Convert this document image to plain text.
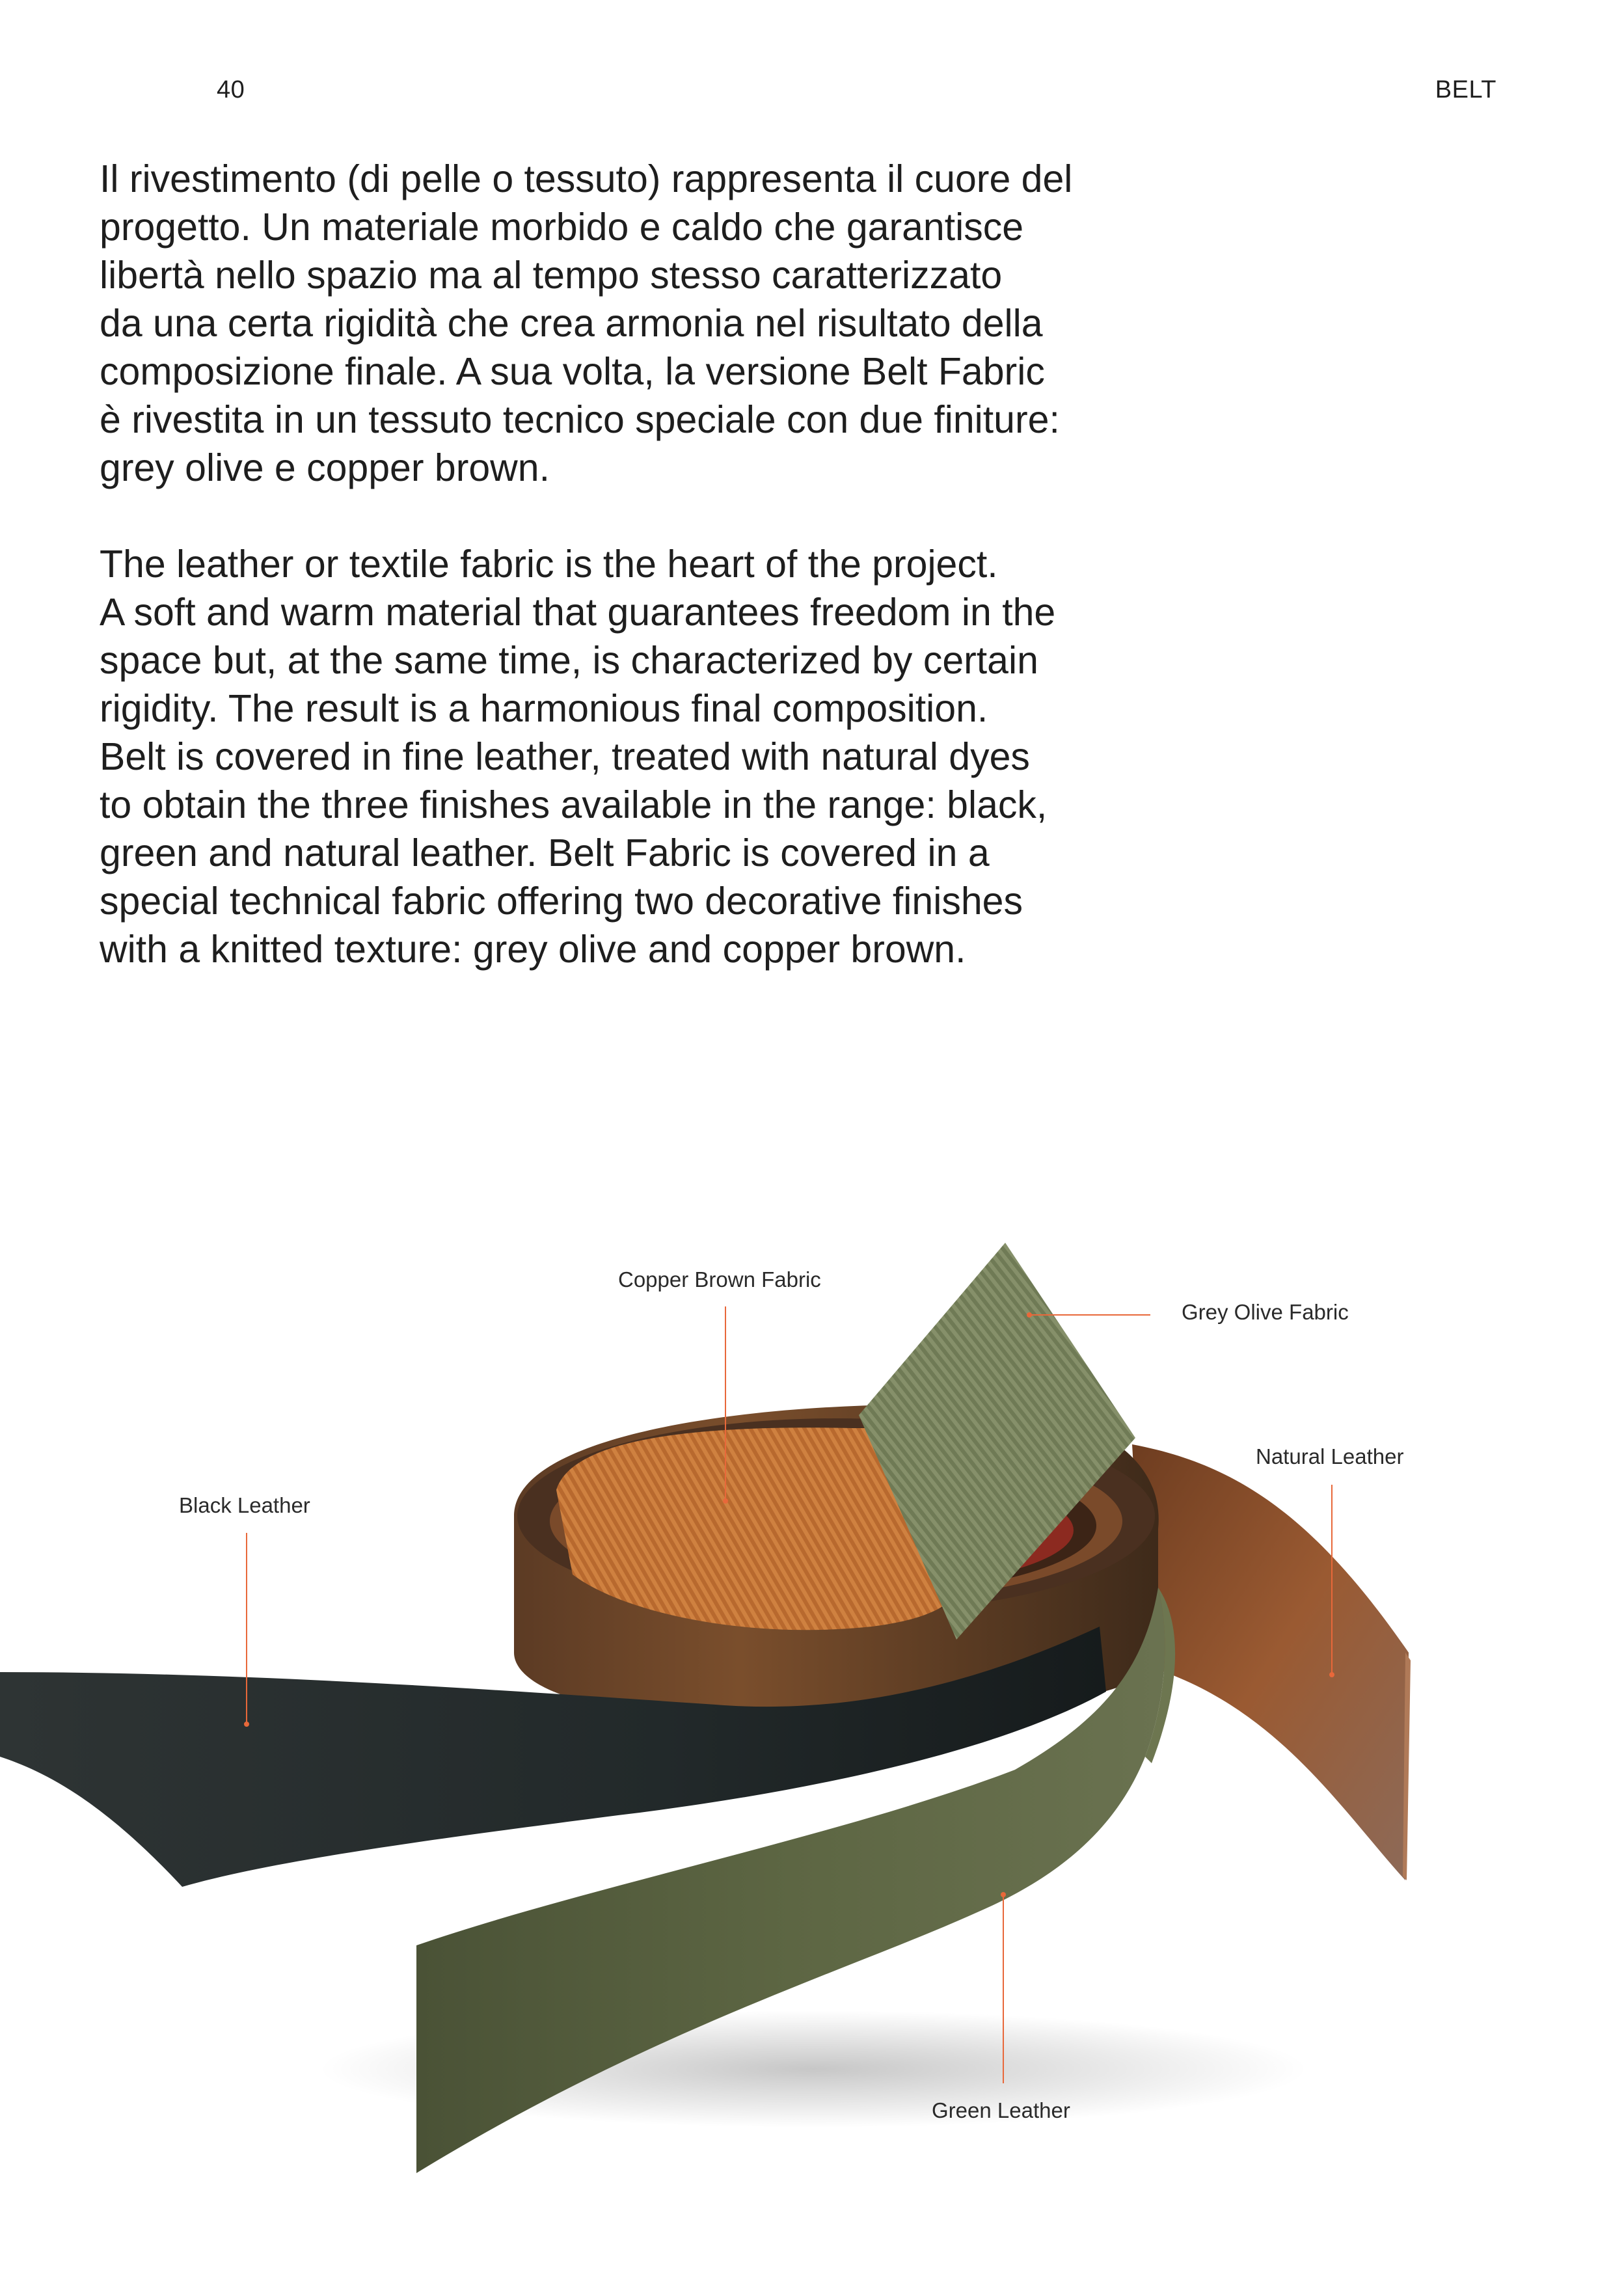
40	BELT

Il rivestimento (di pelle o tessuto) rappresenta il cuore del
progetto. Un materiale morbido e caldo che garantisce
libertà nello spazio ma al tempo stesso caratterizzato
da una certa rigidità che crea armonia nel risultato della
composizione finale. A sua volta, la versione Belt Fabric
è rivestita in un tessuto tecnico speciale con due finiture:
grey olive e copper brown.

The leather or textile fabric is the heart of the project.
A soft and warm material that guarantees freedom in the
space but, at the same time, is characterized by certain
rigidity. The result is a harmonious final composition.
Belt is covered in fine leather, treated with natural dyes
to obtain the three finishes available in the range: black,
green and natural leather. Belt Fabric is covered in a
special technical fabric offering two decorative finishes
with a knitted texture: grey olive and copper brown.

Copper Brown Fabric
Grey Olive Fabric
Natural Leather
Black Leather
Green Leather
